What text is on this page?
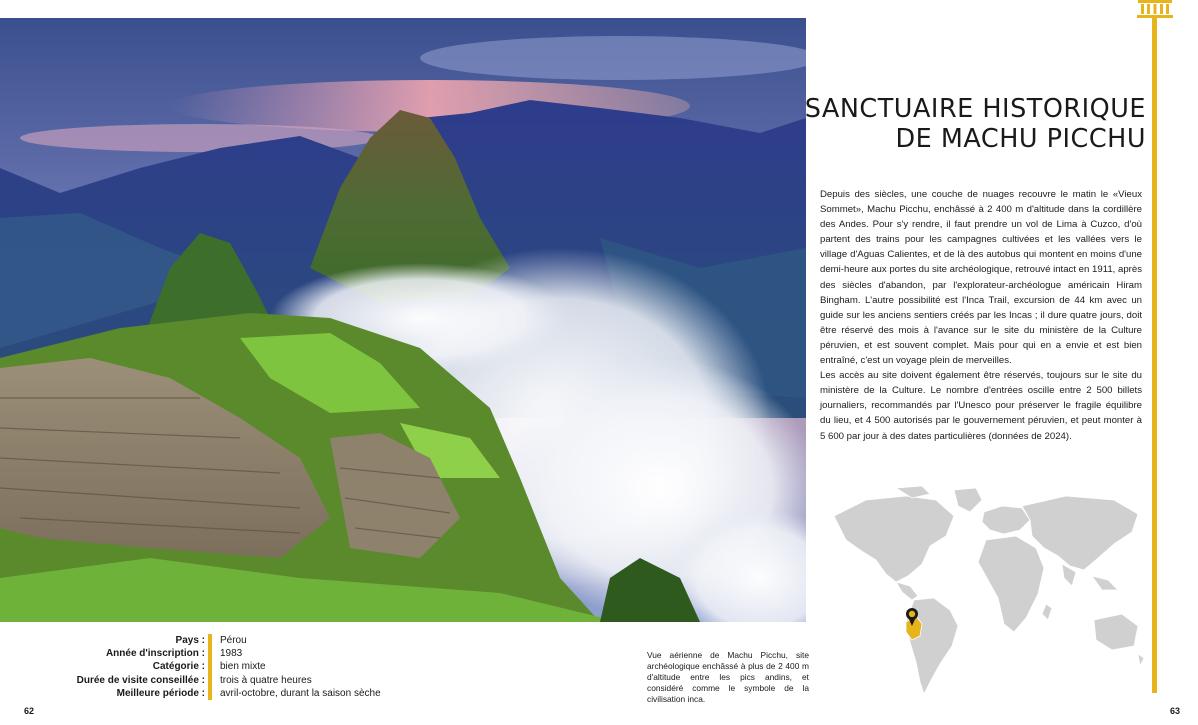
Pays :	Pérou
Année d'inscription :	1983
Catégorie :	bien mixte
Durée de visite conseillée :	trois à quatre heures
Meilleure période :	avril-octobre, durant la saison sèche
Vue aérienne de Machu Picchu, site archéologique enchâssé à plus de 2 400 m d'altitude entre les pics andins, et considéré comme le symbole de la civilisation inca.
62
SANCTUAIRE HISTORIQUE
DE MACHU PICCHU

Depuis des siècles, une couche de nuages recouvre le matin le «Vieux Sommet», Machu Picchu, enchâssé à 2 400 m d'altitude dans la cordillère des Andes. Pour s'y rendre, il faut prendre un vol de Lima à Cuzco, d'où partent des trains pour les campagnes cultivées et les vallées vers le village d'Aguas Calientes, et de là des autobus qui montent en moins d'une demi-heure aux portes du site archéologique, retrouvé intact en 1911, après des siècles d'abandon, par l'explorateur-archéologue américain Hiram Bingham. L'autre possibilité est l'Inca Trail, excursion de 44 km avec un guide sur les anciens sentiers créés par les Incas ; il dure quatre jours, doit être réservé des mois à l'avance sur le site du ministère de la Culture péruvien, et est souvent complet. Mais pour qui en a envie et est bien entraîné, c'est un voyage plein de merveilles.

Les accès au site doivent également être réservés, toujours sur le site du ministère de la Culture. Le nombre d'entrées oscille entre 2 500 billets journaliers, recommandés par l'Unesco pour préserver le fragile équilibre du lieu, et 4 500 autorisés par le gouvernement péruvien, et peut monter à 5 600 par jour à des dates particulières (données de 2024).

63
